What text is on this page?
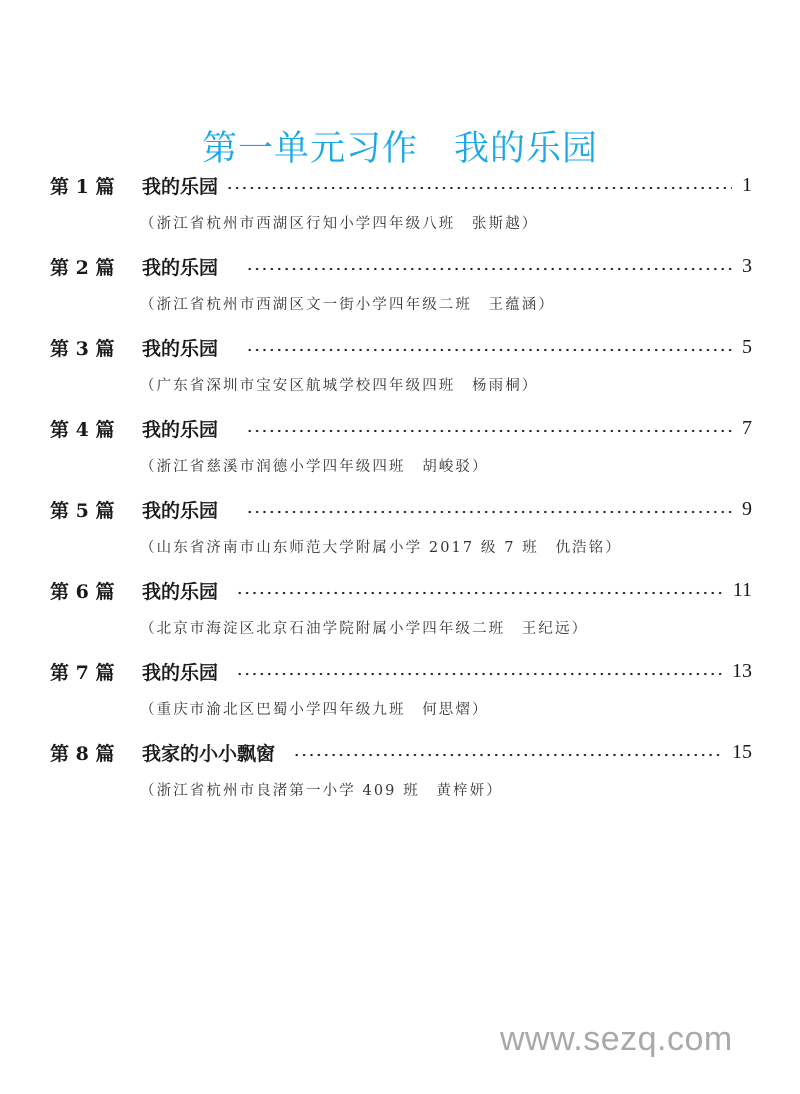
第一单元习作　我的乐园
第 1 篇	我的乐园	1
（浙江省杭州市西湖区行知小学四年级八班　张斯越）
第 2 篇	我的乐园	3
（浙江省杭州市西湖区文一街小学四年级二班　王蕴涵）
第 3 篇	我的乐园	5
（广东省深圳市宝安区航城学校四年级四班　杨雨桐）
第 4 篇	我的乐园	7
（浙江省慈溪市润德小学四年级四班　胡峻驳）
第 5 篇	我的乐园	9
（山东省济南市山东师范大学附属小学 2017 级 7 班　仇浩铭）
第 6 篇	我的乐园	11
（北京市海淀区北京石油学院附属小学四年级二班　王纪远）
第 7 篇	我的乐园	13
（重庆市渝北区巴蜀小学四年级九班　何思熠）
第 8 篇	我家的小小飘窗	15
（浙江省杭州市良渚第一小学 409 班　黄梓妍）
www.sezq.com
